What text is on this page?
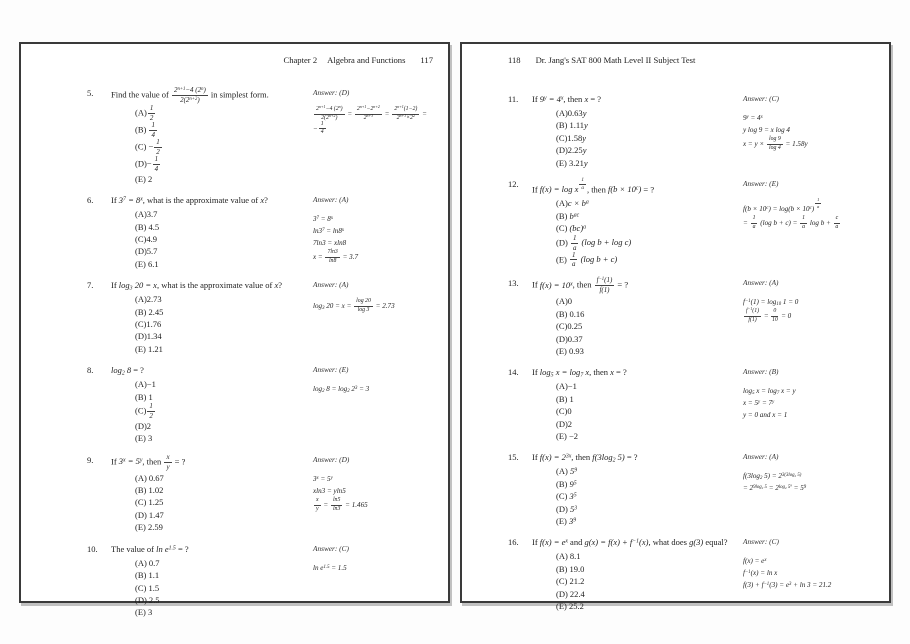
Chapter 2 Algebra and Functions 117
5.	Find the value of $\frac{2^{n+1}-4 (2^n)}{2(2^{n+2})}$ in simplest form.
$(A) \frac{1}{2}$
$(B) \frac{1}{4}$
$(C) - \frac{1}{2}$
$(D)- \frac{1}{4}$
(E) 2
Answer: (D)
$\frac{2^{n+1}-4 (2^n)}{2(2^{n+2})} = \frac{2^{n+1}-2^{n+2}}{2^{n+3}} = \frac{2^{n+1}(1-2)}{2^{n+1}\times 2^2}$ = − $\frac{1}{4}$
6.	If $3^7 = 8^x$, what is the approximate value of x?
(A)3.7
(B) 4.5
(C)4.9
(D)5.7
(E) 6.1
Answer: (A)
$3^7 = 8^x$
$\ln 3^7 = \ln 8^x$
7ln3 = xln8
$x = \frac{7\ln 3}{\ln 8} = 3.7$
7.	If $\log_3 20 = x$, what is the approximate value of x?
(A)2.73
(B) 2.45
(C)1.76
(D)1.34
(E) 1.21
Answer: (A)
$\log_3 20 = x = \frac{\log 20}{\log 3} = 2.73$
8.	$\log_2 8$ = ?
(A)−1
(B) 1
$(C) \frac{1}{2}$
(D)2
(E) 3
Answer: (E)
$\log_2 8 = \log_2 2^3 = 3$
9.	If $3^x = 5^y$, then $\frac{x}{y}$ = ?
(A) 0.67
(B) 1.02
(C) 1.25
(D) 1.47
(E) 2.59
Answer: (D)
$3^x = 5^y$
xln3 = yln5
$\frac{x}{y} = \frac{\ln 5}{\ln 3} = 1.465$
10.	The value of $\ln e^{1.5}$ = ?
(A) 0.7
(B) 1.1
(C) 1.5
(D) 2.5
(E) 3
Answer: (C)
$\ln e^{1.5} = 1.5$
118 Dr. Jang's SAT 800 Math Level II Subject Test
11.	If $9^y = 4^x$, then x = ?
(A)0.63y
(B) 1.11y
(C)1.58y
(D)2.25y
(E) 3.21y
Answer: (C)
$9^y = 4^x$
y log 9 = x log 4
$x = y \times \frac{\log 9}{\log 4} = 1.58y$
12.
If f(x) = log x $^{\frac{1}{a}}$ , then $f(b \times 10^c)$ = ?
$(A)c \times b^a$
(B) $b^{ac}$
(C) (bc)$^a$
$(D) \frac{1}{a} (\log$ b + log c)
$(E) \frac{1}{a} (\log$ b + c)
Answer: (E)
$f(b \times 10^c) = \log(b \times 10^c)$ $^{\frac{1}{a}}$
= $\frac{1}{a} (\log$ $b + c) = \frac{1}{a}$ $\log b + \frac{c}{a}$
13.	If $f(x) = 10^x$, then $\frac{f^{-1}(1)}{f(1)}$ = ?
(A)0
(B) 0.16
(C)0.25
(D)0.37
(E) 0.93
Answer: (A)
$f^{-1}(1) = \log_{10} 1 = 0$
$\frac{f^{-1}(1)}{f(1)} = \frac{0}{10} = 0$
14.	If $\log_5 x = \log_7 x$, then x = ?
(A)−1
(B) 1
(C)0
(D)2
(E) −2
Answer: (B)
$\log_5 x = \log_7 x = y$
$x = 5^y = 7^y$
y = 0 and x = 1
15.	If $f(x) = 2^{3x}$, then $f(3\log_2$ 5) = ?
(A) $5^9$
(B) $9^5$
(C) $3^5$
(D) $5^3$
(E) $3^9$
Answer: (A)
$f(3\log_2$ $5) = 2^{3(3log_2 5)}$
= $2^{9log_2 5} = 2^{log_2 5^9} = 5^9$
16.	If $f(x) = e^x$ and $g(x) = f(x) + f^{-1}(x)$, what does g(3) equal?
(A) 8.1
(B) 19.0
(C) 21.2
(D) 22.4
(E) 25.2
Answer: (C)
$f(x) = e^x$
$f^{-1}(x) = \ln x$
$f(3) + f^{-1}(3) = e^3 + \ln 3 = 21.2$
